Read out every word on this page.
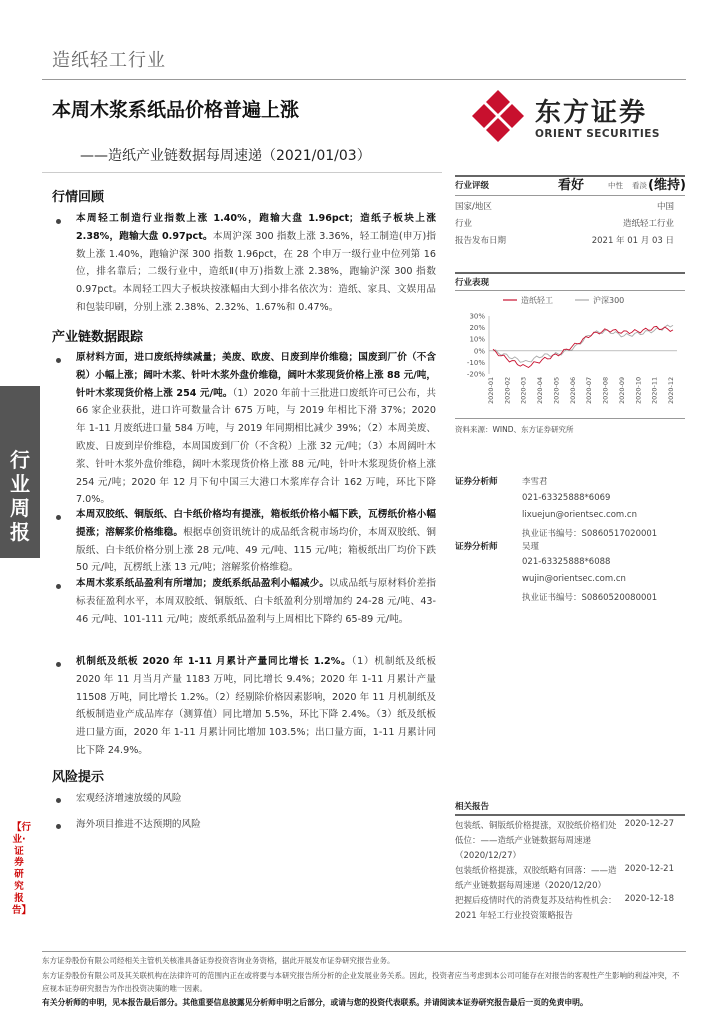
造纸轻工行业
本周木浆系纸品价格普遍上涨
——造纸产业链数据每周速递（2021/01/03）
东方证券
ORIENT SECURITIES
行业周报
【行业·证券研究报告】
行情回顾
本周轻工制造行业指数上涨 1.40%，跑输大盘 1.96pct；造纸子板块上涨 2.38%，跑输大盘 0.97pct。本周沪深 300 指数上涨 3.36%，轻工制造(申万)指数上涨 1.40%，跑输沪深 300 指数 1.96pct，在 28 个申万一级行业中位列第 16 位，排名靠后；二级行业中，造纸Ⅱ(申万)指数上涨 2.38%，跑输沪深 300 指数 0.97pct。本周轻工四大子板块按涨幅由大到小排名依次为：造纸、家具、文娱用品和包装印刷，分别上涨 2.38%、2.32%、1.67%和 0.47%。
产业链数据跟踪
原材料方面，进口废纸持续减量；美废、欧废、日废到岸价维稳；国废到厂价（不含税）小幅上涨；阔叶木浆、针叶木浆外盘价维稳，阔叶木浆现货价格上涨 88 元/吨，针叶木浆现货价格上涨 254 元/吨。（1）2020 年前十三批进口废纸许可已公布，共 66 家企业获批，进口许可数量合计 675 万吨，与 2019 年相比下滑 37%；2020 年 1-11 月废纸进口量 584 万吨，与 2019 年同期相比减少 39%；（2）本周美废、欧废、日废到岸价维稳，本周国废到厂价（不含税）上涨 32 元/吨；（3）本周阔叶木浆、针叶木浆外盘价维稳，阔叶木浆现货价格上涨 88 元/吨，针叶木浆现货价格上涨 254 元/吨；2020 年 12 月下旬中国三大港口木浆库存合计 162 万吨，环比下降 7.0%。
本周双胶纸、铜版纸、白卡纸价格均有提涨，箱板纸价格小幅下跌，瓦楞纸价格小幅提涨；溶解浆价格维稳。根据卓创资讯统计的成品纸含税市场均价，本周双胶纸、铜版纸、白卡纸价格分别上涨 28 元/吨、49 元/吨、115 元/吨；箱板纸出厂均价下跌 50 元/吨，瓦楞纸上涨 13 元/吨；溶解浆价格维稳。
本周木浆系纸品盈利有所增加；废纸系纸品盈利小幅减少。以成品纸与原材料价差指标表征盈利水平，本周双胶纸、铜版纸、白卡纸盈利分别增加约 24-28 元/吨、43-46 元/吨、101-111 元/吨；废纸系纸品盈利与上周相比下降约 65-89 元/吨。
机制纸及纸板 2020 年 1-11 月累计产量同比增长 1.2%。（1）机制纸及纸板 2020 年 11 月当月产量 1183 万吨，同比增长 9.4%；2020 年 1-11 月累计产量 11508 万吨，同比增长 1.2%。（2）经剔除价格因素影响，2020 年 11 月机制纸及纸板制造业产成品库存（测算值）同比增加 5.5%，环比下降 2.4%。（3）纸及纸板进口量方面，2020 年 1-11 月累计同比增加 103.5%；出口量方面，1-11 月累计同比下降 24.9%。
风险提示
宏观经济增速放缓的风险
海外项目推进不达预期的风险
行业评级	看好	中性 看淡 (维持)
国家/地区	中国
行业	造纸轻工行业
报告发布日期	2021 年 01 月 03 日
行业表现
造纸轻工	沪深300
30%
20%
10%
0%
-10%
-20%
2020-01 2020-02 2020-03 2020-04 2020-05 2020-06 2020-07 2020-08 2020-09 2020-10 2020-11 2020-12
资料来源：WIND、东方证券研究所
证券分析师	李雪君
021-63325888*6069
lixuejun@orientsec.com.cn
执业证书编号：S0860517020001
证券分析师	吴瑾
021-63325888*6088
wujin@orientsec.com.cn
执业证书编号：S0860520080001
相关报告
包装纸、铜版纸价格提涨，双胶纸价格们处
低位：——造纸产业链数据每周速递
（2020/12/27）
2020-12-27
包装纸价格提涨，双胶纸略有回落：——造
纸产业链数据每周速递（2020/12/20）
2020-12-21
把握后疫情时代的消费复苏及结构性机会：
2021 年轻工行业投资策略报告
2020-12-18
东方证券股份有限公司经相关主管机关核准具备证券投资咨询业务资格，据此开展发布证券研究报告业务。
东方证券股份有限公司及其关联机构在法律许可的范围内正在或将要与本研究报告所分析的企业发展业务关系。因此，投资者应当考虑到本公司可能存在对报告的客观性产生影响的利益冲突，不应视本证券研究报告为作出投资决策的唯一因素。
有关分析师的申明，见本报告最后部分。其他重要信息披露见分析师申明之后部分，或请与您的投资代表联系。并请阅读本证券研究报告最后一页的免责申明。
